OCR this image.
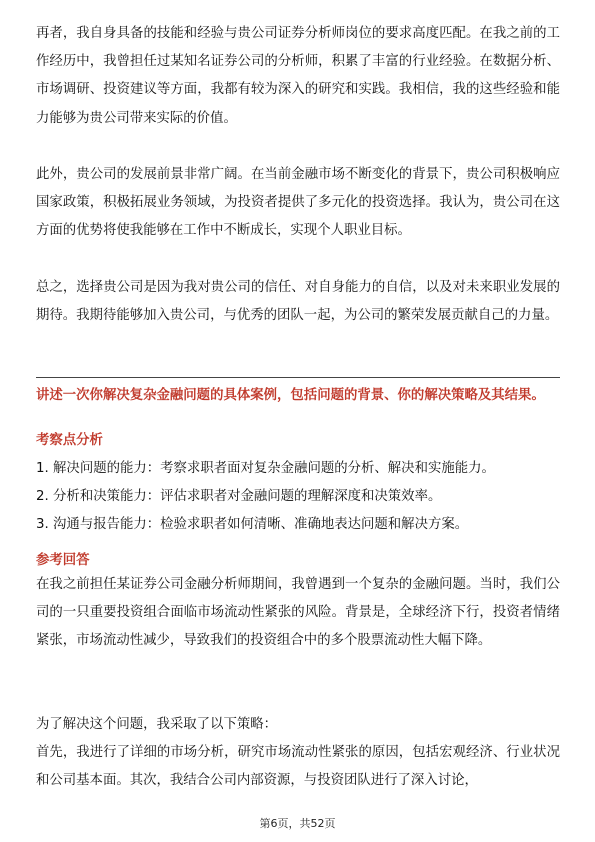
再者，我自身具备的技能和经验与贵公司证券分析师岗位的要求高度匹配。在我之前的工作经历中，我曾担任过某知名证券公司的分析师，积累了丰富的行业经验。在数据分析、市场调研、投资建议等方面，我都有较为深入的研究和实践。我相信，我的这些经验和能力能够为贵公司带来实际的价值。

此外，贵公司的发展前景非常广阔。在当前金融市场不断变化的背景下，贵公司积极响应国家政策，积极拓展业务领域，为投资者提供了多元化的投资选择。我认为，贵公司在这方面的优势将使我能够在工作中不断成长，实现个人职业目标。

总之，选择贵公司是因为我对贵公司的信任、对自身能力的自信，以及对未来职业发展的期待。我期待能够加入贵公司，与优秀的团队一起，为公司的繁荣发展贡献自己的力量。

讲述一次你解决复杂金融问题的具体案例，包括问题的背景、你的解决策略及其结果。

考察点分析

1. 解决问题的能力：考察求职者面对复杂金融问题的分析、解决和实施能力。
2. 分析和决策能力：评估求职者对金融问题的理解深度和决策效率。
3. 沟通与报告能力：检验求职者如何清晰、准确地表达问题和解决方案。

参考回答

在我之前担任某证券公司金融分析师期间，我曾遇到一个复杂的金融问题。当时，我们公司的一只重要投资组合面临市场流动性紧张的风险。背景是，全球经济下行，投资者情绪紧张，市场流动性减少，导致我们的投资组合中的多个股票流动性大幅下降。

为了解决这个问题，我采取了以下策略：

首先，我进行了详细的市场分析，研究市场流动性紧张的原因，包括宏观经济、行业状况和公司基本面。其次，我结合公司内部资源，与投资团队进行了深入讨论，

第6页，共52页
